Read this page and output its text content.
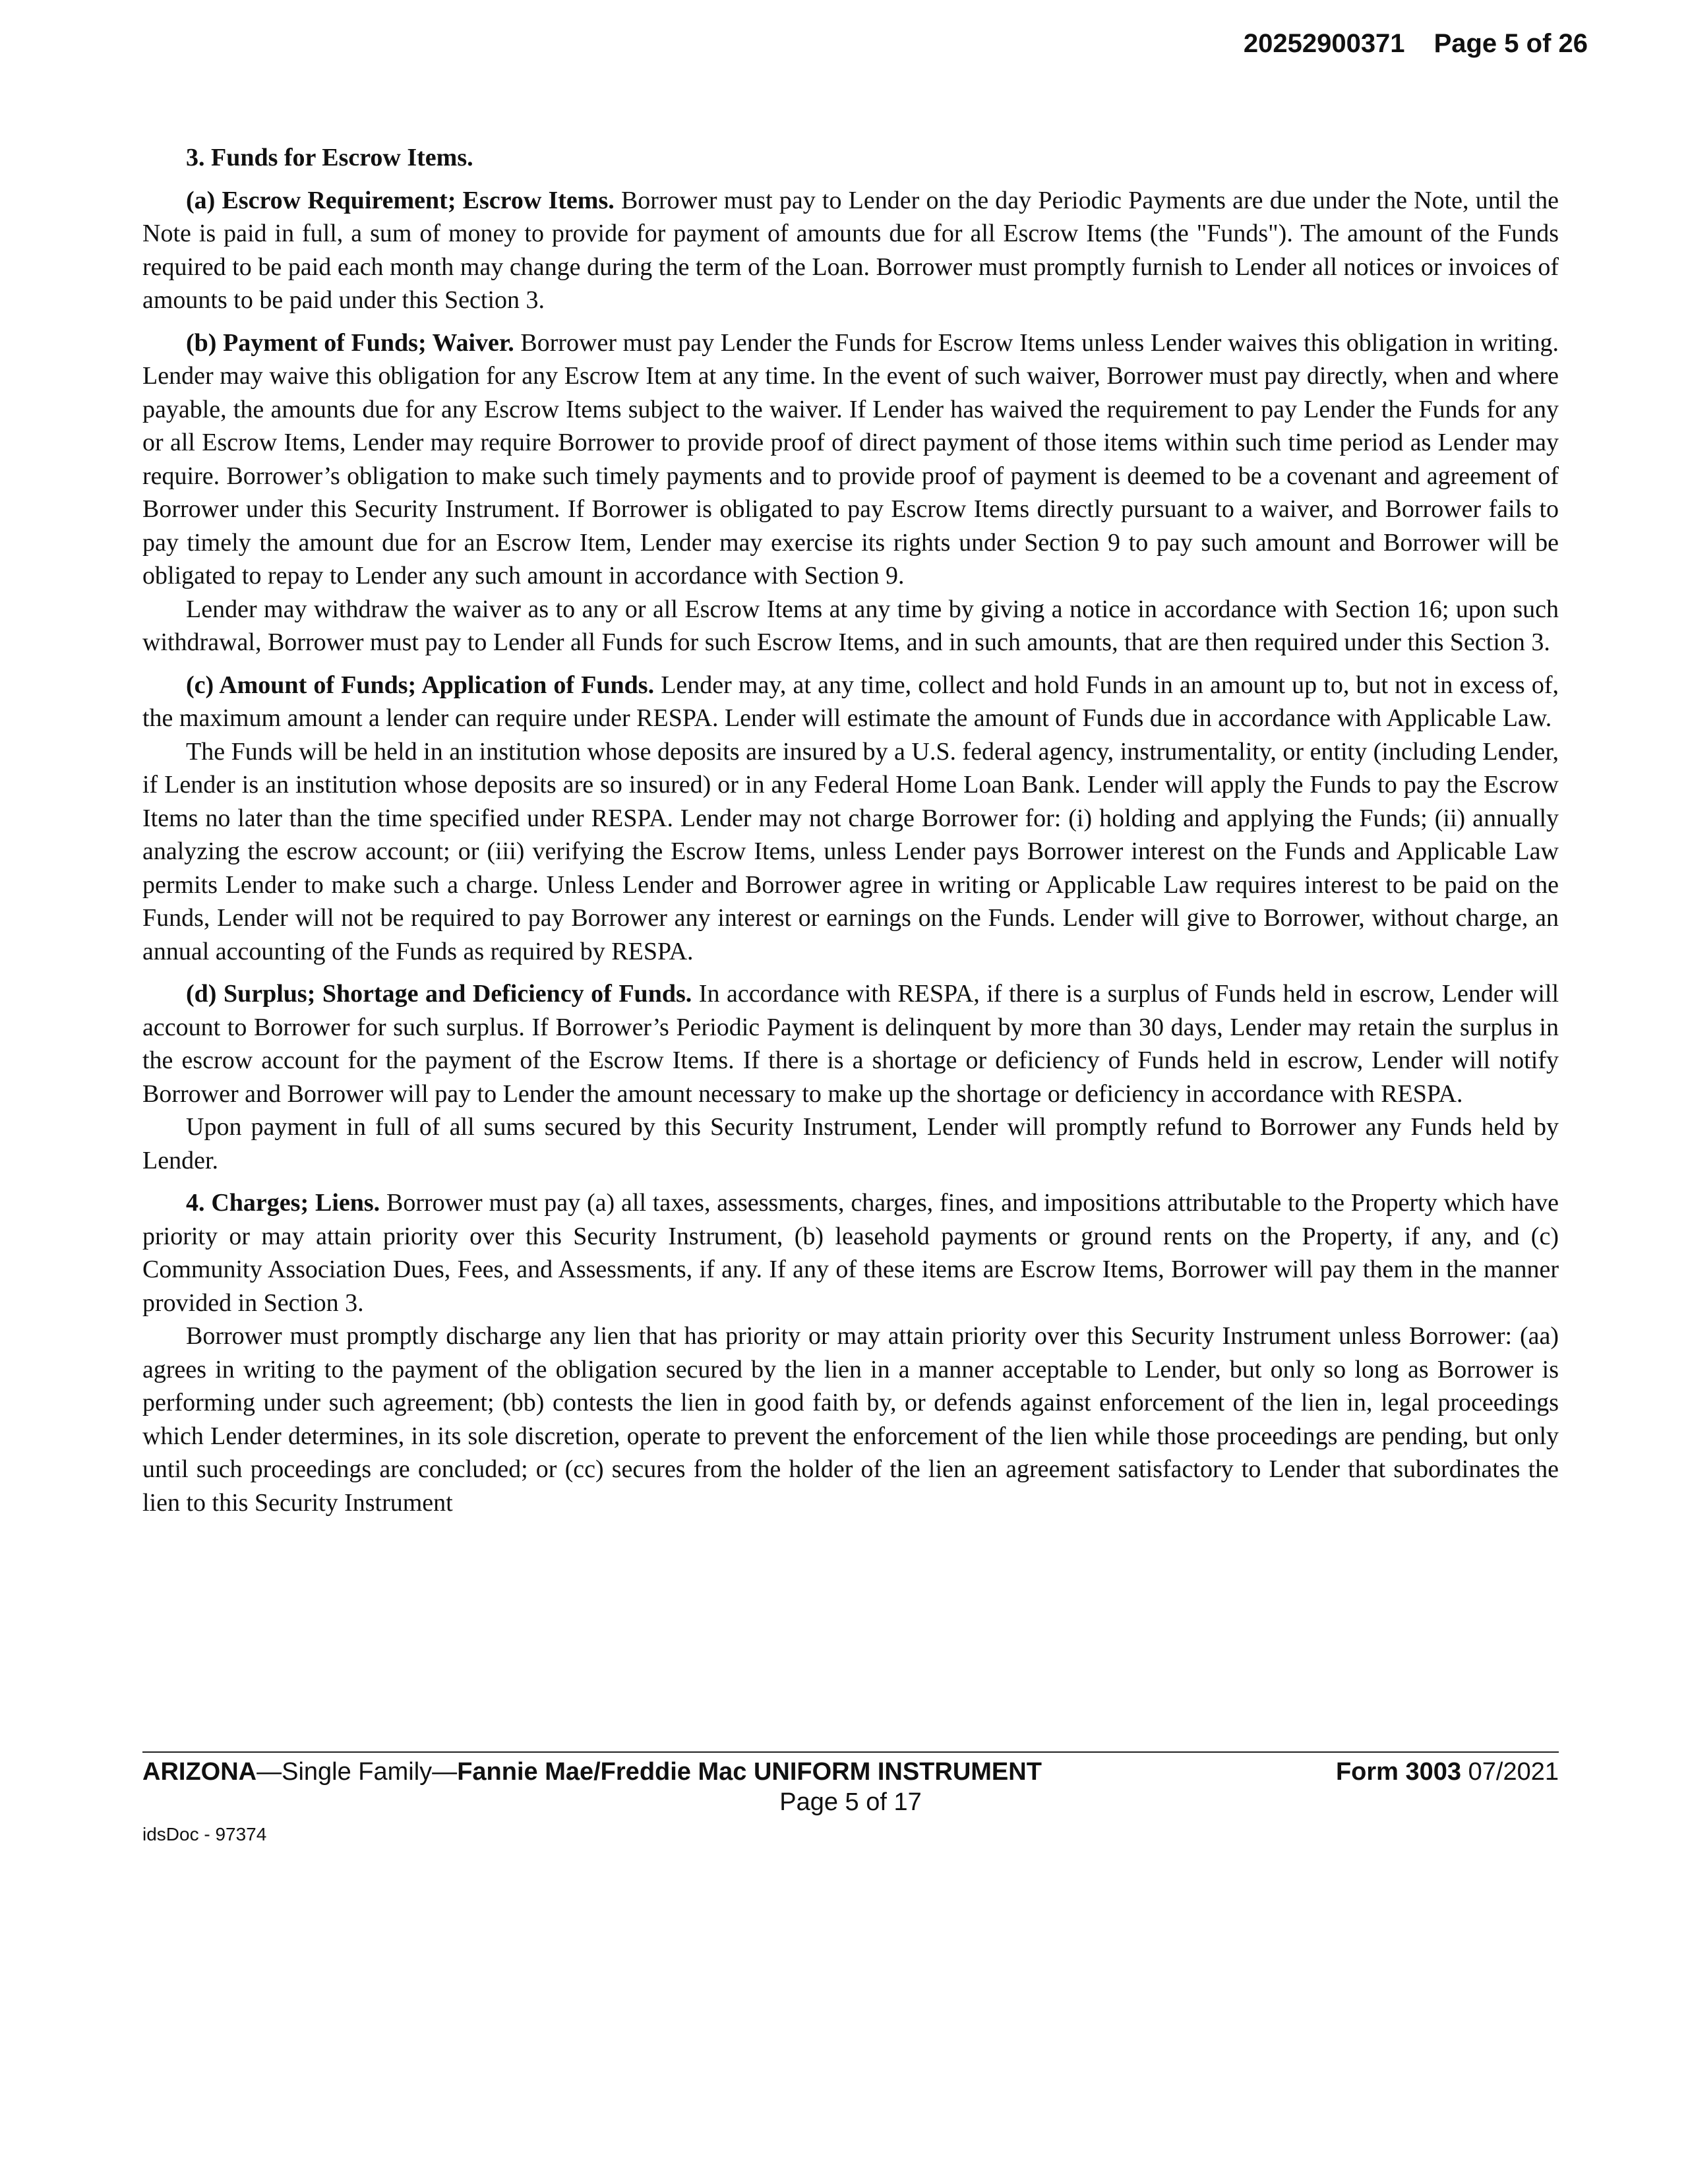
20252900371 Page 5 of 26

3. Funds for Escrow Items.

(a) Escrow Requirement; Escrow Items. Borrower must pay to Lender on the day Periodic Payments are due under the Note, until the Note is paid in full, a sum of money to provide for payment of amounts due for all Escrow Items (the "Funds"). The amount of the Funds required to be paid each month may change during the term of the Loan. Borrower must promptly furnish to Lender all notices or invoices of amounts to be paid under this Section 3.

(b) Payment of Funds; Waiver. Borrower must pay Lender the Funds for Escrow Items unless Lender waives this obligation in writing. Lender may waive this obligation for any Escrow Item at any time. In the event of such waiver, Borrower must pay directly, when and where payable, the amounts due for any Escrow Items subject to the waiver. If Lender has waived the requirement to pay Lender the Funds for any or all Escrow Items, Lender may require Borrower to provide proof of direct payment of those items within such time period as Lender may require. Borrower’s obligation to make such timely payments and to provide proof of payment is deemed to be a covenant and agreement of Borrower under this Security Instrument. If Borrower is obligated to pay Escrow Items directly pursuant to a waiver, and Borrower fails to pay timely the amount due for an Escrow Item, Lender may exercise its rights under Section 9 to pay such amount and Borrower will be obligated to repay to Lender any such amount in accordance with Section 9.

Lender may withdraw the waiver as to any or all Escrow Items at any time by giving a notice in accordance with Section 16; upon such withdrawal, Borrower must pay to Lender all Funds for such Escrow Items, and in such amounts, that are then required under this Section 3.

(c) Amount of Funds; Application of Funds. Lender may, at any time, collect and hold Funds in an amount up to, but not in excess of, the maximum amount a lender can require under RESPA. Lender will estimate the amount of Funds due in accordance with Applicable Law.

The Funds will be held in an institution whose deposits are insured by a U.S. federal agency, instrumentality, or entity (including Lender, if Lender is an institution whose deposits are so insured) or in any Federal Home Loan Bank. Lender will apply the Funds to pay the Escrow Items no later than the time specified under RESPA. Lender may not charge Borrower for: (i) holding and applying the Funds; (ii) annually analyzing the escrow account; or (iii) verifying the Escrow Items, unless Lender pays Borrower interest on the Funds and Applicable Law permits Lender to make such a charge. Unless Lender and Borrower agree in writing or Applicable Law requires interest to be paid on the Funds, Lender will not be required to pay Borrower any interest or earnings on the Funds. Lender will give to Borrower, without charge, an annual accounting of the Funds as required by RESPA.

(d) Surplus; Shortage and Deficiency of Funds. In accordance with RESPA, if there is a surplus of Funds held in escrow, Lender will account to Borrower for such surplus. If Borrower’s Periodic Payment is delinquent by more than 30 days, Lender may retain the surplus in the escrow account for the payment of the Escrow Items. If there is a shortage or deficiency of Funds held in escrow, Lender will notify Borrower and Borrower will pay to Lender the amount necessary to make up the shortage or deficiency in accordance with RESPA.

Upon payment in full of all sums secured by this Security Instrument, Lender will promptly refund to Borrower any Funds held by Lender.

4. Charges; Liens. Borrower must pay (a) all taxes, assessments, charges, fines, and impositions attributable to the Property which have priority or may attain priority over this Security Instrument, (b) leasehold payments or ground rents on the Property, if any, and (c) Community Association Dues, Fees, and Assessments, if any. If any of these items are Escrow Items, Borrower will pay them in the manner provided in Section 3.

Borrower must promptly discharge any lien that has priority or may attain priority over this Security Instrument unless Borrower: (aa) agrees in writing to the payment of the obligation secured by the lien in a manner acceptable to Lender, but only so long as Borrower is performing under such agreement; (bb) contests the lien in good faith by, or defends against enforcement of the lien in, legal proceedings which Lender determines, in its sole discretion, operate to prevent the enforcement of the lien while those proceedings are pending, but only until such proceedings are concluded; or (cc) secures from the holder of the lien an agreement satisfactory to Lender that subordinates the lien to this Security Instrument

ARIZONA—Single Family—Fannie Mae/Freddie Mac UNIFORM INSTRUMENT	Form 3003 07/2021
Page 5 of 17
idsDoc - 97374
